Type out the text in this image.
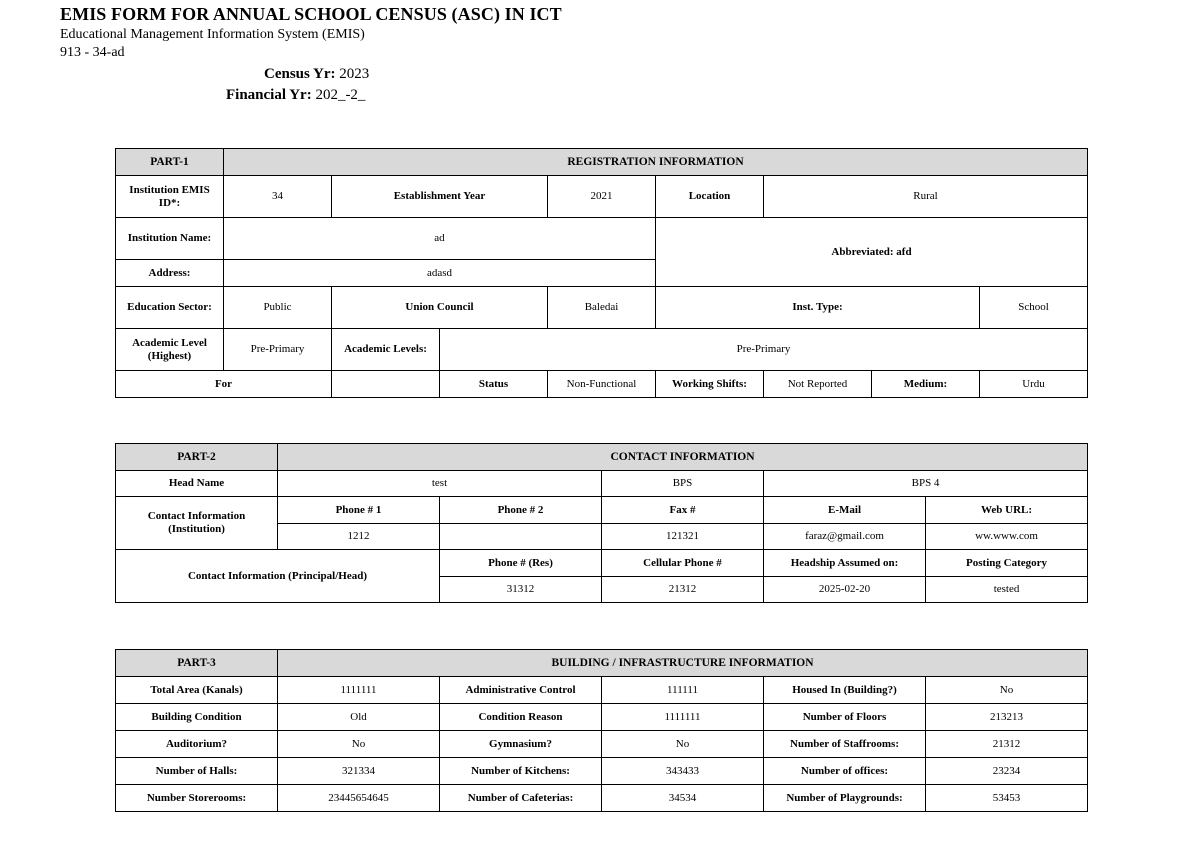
EMIS FORM FOR ANNUAL SCHOOL CENSUS (ASC) IN ICT
Educational Management Information System (EMIS)
913 - 34-ad
Census Yr: 2023
Financial Yr: 202_-2_
PART-1	REGISTRATION INFORMATION							
Institution EMIS ID*:	34	Establishment Year		2021	Location	Rural		
Institution Name:	ad				Abbreviated: afd			
Address:	adasd							
Education Sector:	Public	Union Council		Baledai	Inst. Type:			School
Academic Level (Highest)	Pre-Primary	Academic Levels:	Pre-Primary					
For			Status	Non-Functional	Working Shifts:	Not Reported	Medium:	Urdu
PART-2	CONTACT INFORMATION				
Head Name	test		BPS	BPS 4	
Contact Information (Institution)	Phone # 1	Phone # 2	Fax #	E-Mail	Web URL:
	1212		121321	faraz@gmail.com	ww.www.com
Contact Information (Principal/Head)		Phone # (Res)	Cellular Phone #	Headship Assumed on:	Posting Category
		31312	21312	2025-02-20	tested
PART-3	BUILDING / INFRASTRUCTURE INFORMATION				
Total Area (Kanals)	1111111	Administrative Control	111111	Housed In (Building?)	No
Building Condition	Old	Condition Reason	1111111	Number of Floors	213213
Auditorium?	No	Gymnasium?	No	Number of Staffrooms:	21312
Number of Halls:	321334	Number of Kitchens:	343433	Number of offices:	23234
Number Storerooms:	23445654645	Number of Cafeterias:	34534	Number of Playgrounds:	53453
